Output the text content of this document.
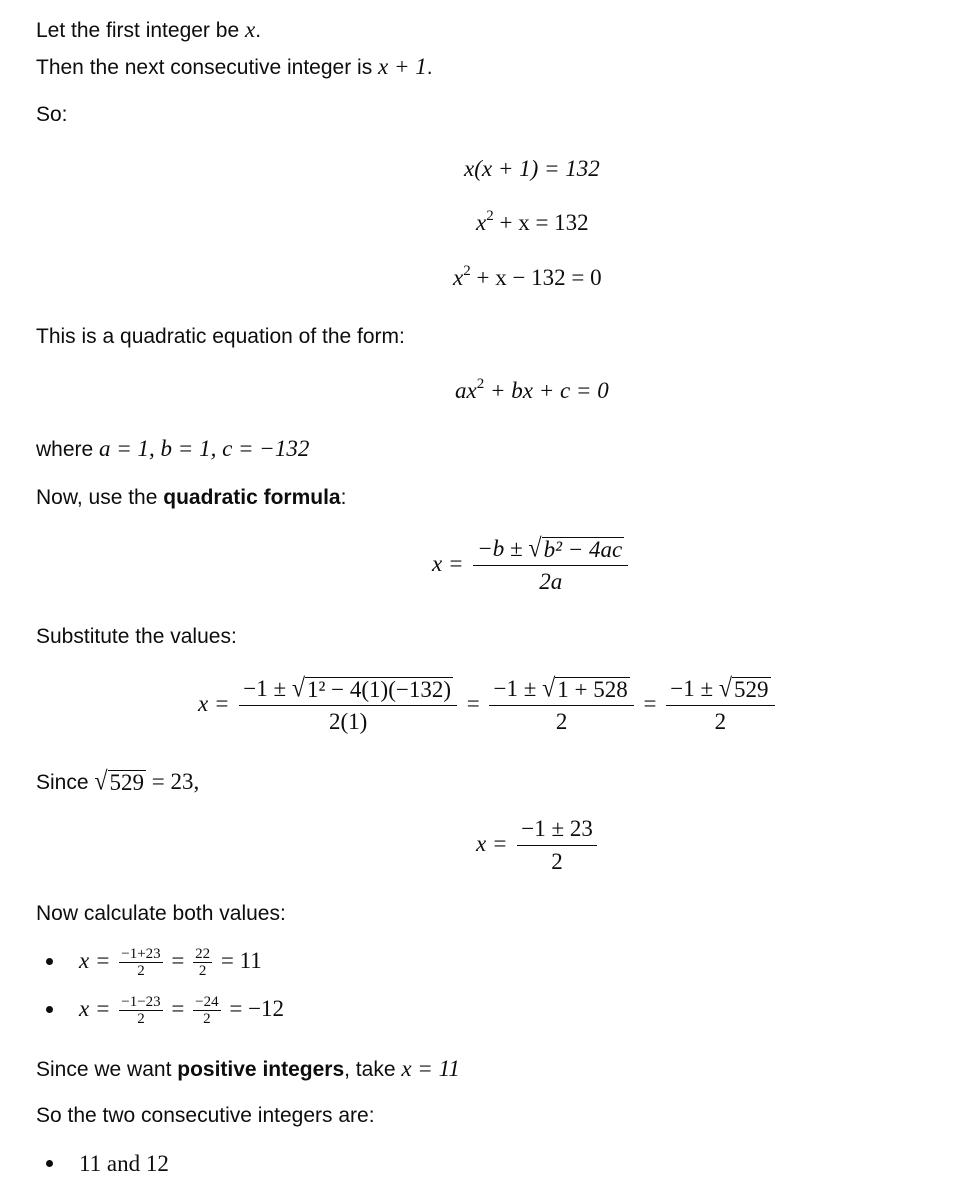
Let the first integer be x.
Then the next consecutive integer is x + 1.
So:
x(x + 1) = 132
$x^2 + x = 132$
$x^2 + x - 132 = 0$
This is a quadratic equation of the form:
$ax^2$ + bx + c = 0
where a = 1, b = 1, c = −132
Now, use the quadratic formula:
$x = \frac{\text{−b ± √ b² − 4ac}}{2a}$
Substitute the values:
$x = \frac{\text{−1 ± √ 1² − 4(1)(−132)}}{2(1)} = \frac{-1 \pm √ 1 + 528}{2} = \frac{-1 \pm √ 529}{2}$
Since √ 529 = 23,
$x = \frac{-1 \pm 23}{2}$
Now calculate both values:
$x = \frac{-1+23}{2} = \frac{22}{2} = 11$
$x = \frac{-1-23}{2} = \frac{-24}{2} = -12$
Since we want positive integers, take x = 11
So the two consecutive integers are:
11 and 12
